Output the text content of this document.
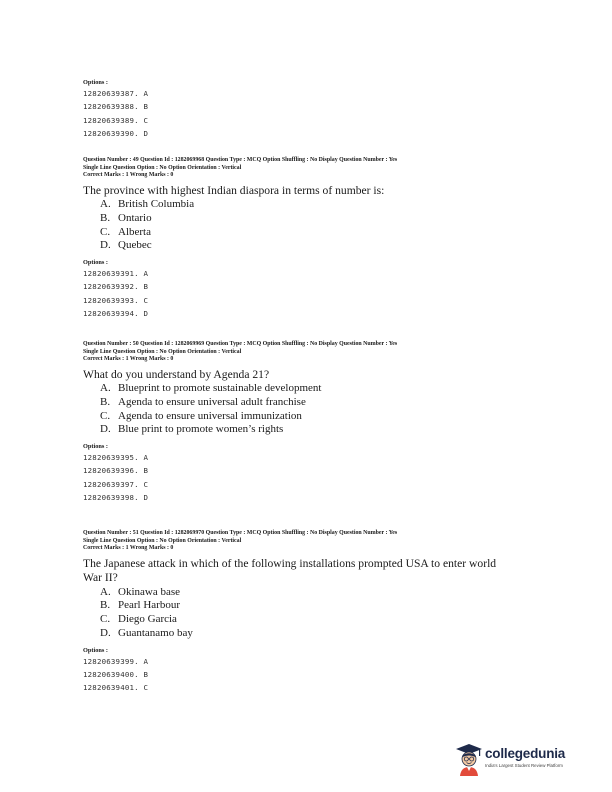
Options :
12820639387. A
12820639388. B
12820639389. C
12820639390. D
Question Number : 49 Question Id : 1282069968 Question Type : MCQ Option Shuffling : No Display Question Number : Yes
Single Line Question Option : No Option Orientation : Vertical
Correct Marks : 1 Wrong Marks : 0
The province with highest Indian diaspora in terms of number is:
A. British Columbia
B. Ontario
C. Alberta
D. Quebec
Options :
12820639391. A
12820639392. B
12820639393. C
12820639394. D
Question Number : 50 Question Id : 1282069969 Question Type : MCQ Option Shuffling : No Display Question Number : Yes
Single Line Question Option : No Option Orientation : Vertical
Correct Marks : 1 Wrong Marks : 0
What do you understand by Agenda 21?
A. Blueprint to promote sustainable development
B. Agenda to ensure universal adult franchise
C. Agenda to ensure universal immunization
D. Blue print to promote women’s rights
Options :
12820639395. A
12820639396. B
12820639397. C
12820639398. D
Question Number : 51 Question Id : 1282069970 Question Type : MCQ Option Shuffling : No Display Question Number : Yes
Single Line Question Option : No Option Orientation : Vertical
Correct Marks : 1 Wrong Marks : 0
The Japanese attack in which of the following installations prompted USA to enter world War II?
A. Okinawa base
B. Pearl Harbour
C. Diego Garcia
D. Guantanamo bay
Options :
12820639399. A
12820639400. B
12820639401. C
collegedunia
India's Largest Student Review Platform
